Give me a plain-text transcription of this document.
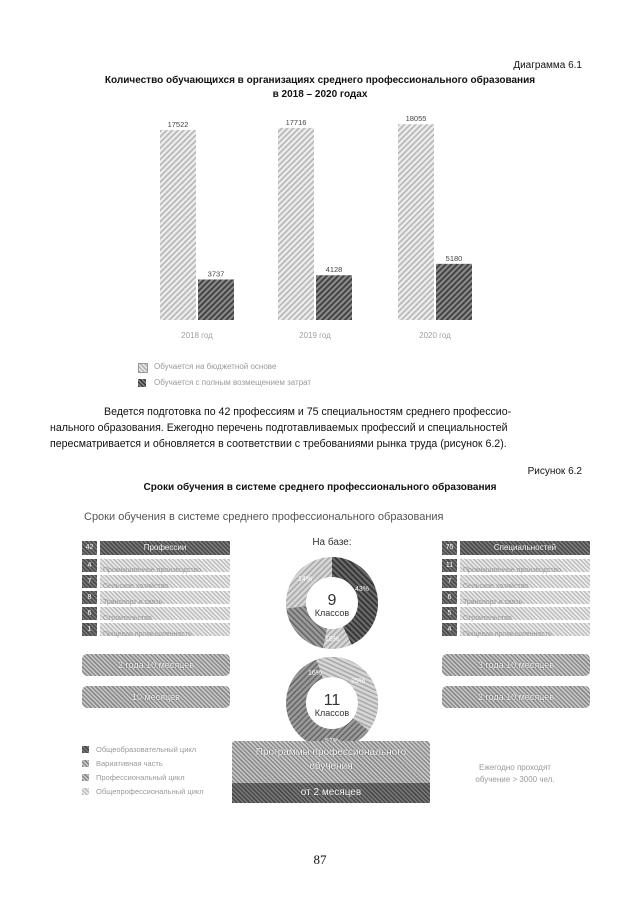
Диаграмма 6.1
Количество обучающихся в организациях среднего профессионального образования
в 2018 – 2020 годах
17522
3737
2018 год
17716
4128
2019 год
18055
5180
2020 год
Обучается на бюджетной основе
Обучается с полным возмещением затрат
Ведется подготовка по 42 профессиям и 75 специальностям среднего профессио-
нального образования. Ежегодно перечень подготавливаемых профессий и специальностей
пересматривается и обновляется в соответствии с требованиями рынка труда (рисунок 6.2).
Рисунок 6.2
Сроки обучения в системе среднего профессионального образования
Сроки обучения в системе среднего профессионального образования
42	Профессии
4
Промышленное производство
7
Сельское хозяйство
8
Транспорт и связь
6
Строительство
1
Пищевая промышленность
2 года 10 месяцев
10 месяцев
75	Специальностей
11
Промышленное производство
7
Сельское хозяйство
6
Транспорт и связь
5
Строительство
4
Пищевая промышленность
3 года 10 месяцев
2 года 10 месяцев
На базе:
9
Классов
14%
43%
18%
11
Классов
16%
25%
Общеобразовательный цикл
Вариативная часть
Профессиональный цикл
Общепрофессиональный цикл
Программы профессионального
обучения
от 2 месяцев
Ежегодно проходят
обучение > 3000 чел.
87
